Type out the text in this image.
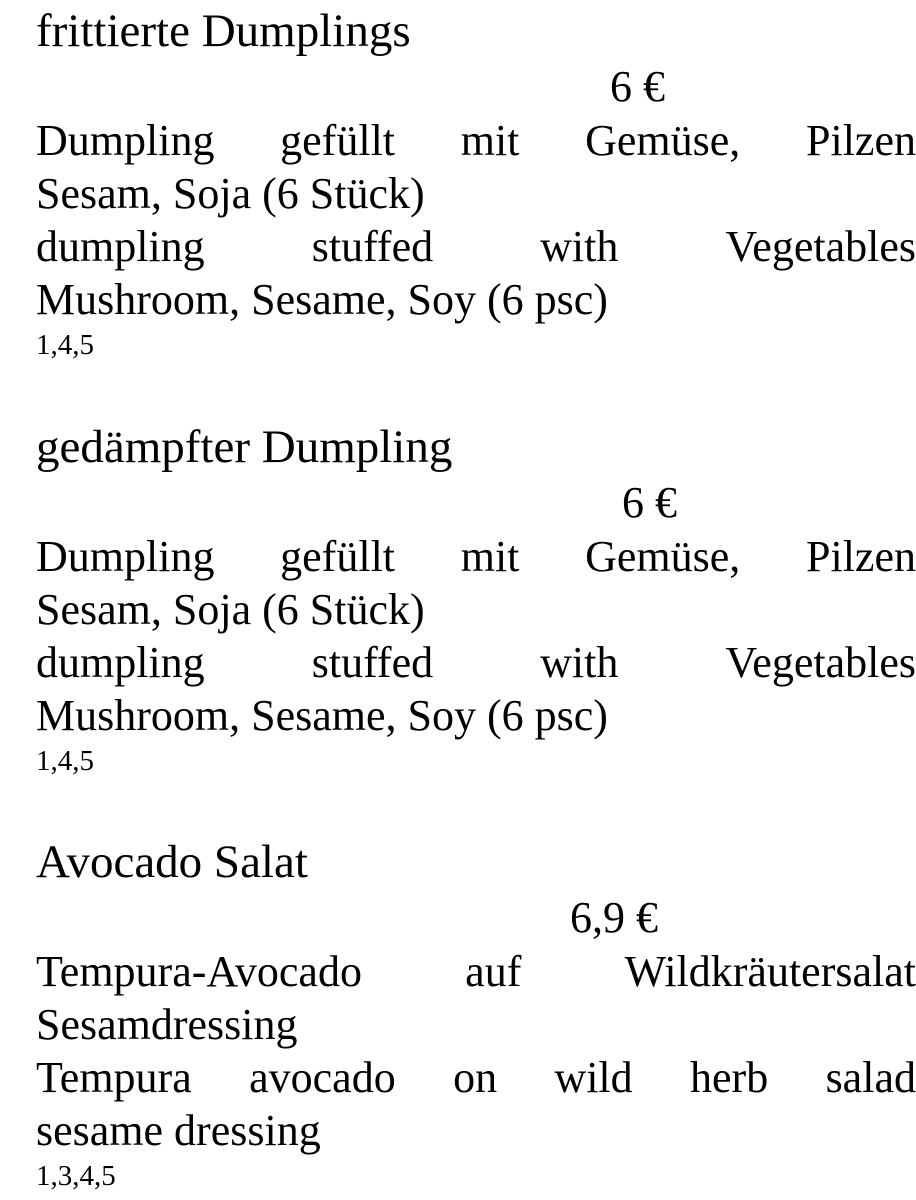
frittierte Dumplings
6 €
Dumpling gefüllt mit Gemüse, Pilzen
Sesam, Soja (6 Stück)
dumpling stuffed with Vegetables
Mushroom, Sesame, Soy (6 psc)
1,4,5
gedämpfter Dumpling
6 €
Dumpling gefüllt mit Gemüse, Pilzen
Sesam, Soja (6 Stück)
dumpling stuffed with Vegetables
Mushroom, Sesame, Soy (6 psc)
1,4,5
Avocado Salat
6,9 €
Tempura-Avocado auf Wildkräutersalat
Sesamdressing
Tempura avocado on wild herb salad
sesame dressing
1,3,4,5
